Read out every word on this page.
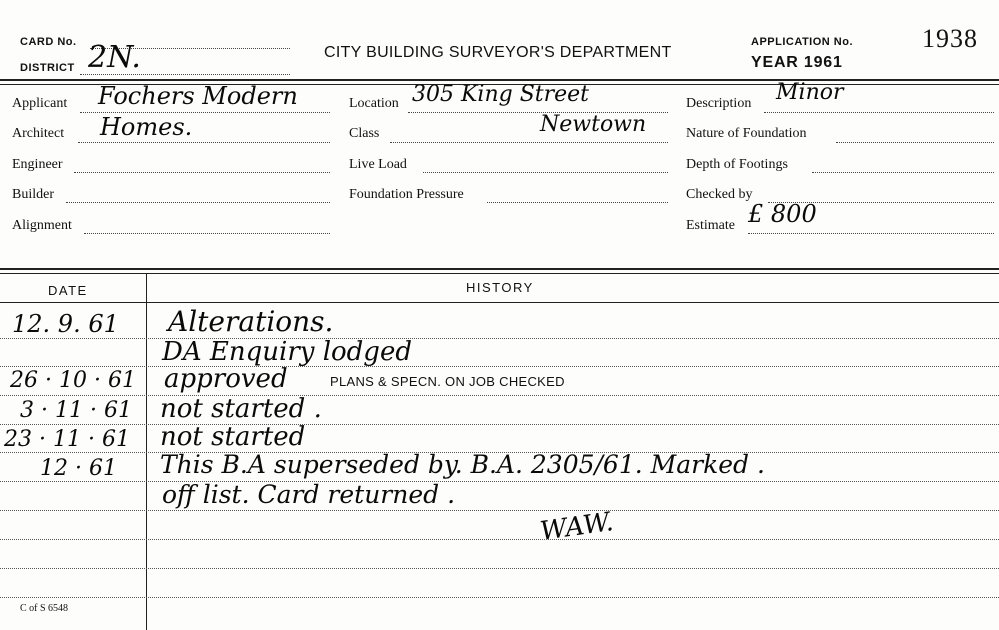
CARD No.
DISTRICT 2N.	CITY BUILDING SURVEYOR'S DEPARTMENT
APPLICATION No.	1938
YEAR 1961
Applicant Fochers Modern
Architect Homes.
Engineer
Builder
Alignment
Location 305 King Street
Class	Newtown
Live Load
Foundation Pressure
Description Minor
Nature of Foundation
Depth of Footings
Checked by
Estimate £ 800
DATE	HISTORY
12. 9. 61 Alterations.
DA Enquiry lodged
26 · 10 · 61 approved	PLANS & SPECN. ON JOB CHECKED
3 · 11 · 61 not started .
23 · 11 · 61 not started
12 · 61 This B.A superseded by. B.A. 2305/61. Marked .
off list. Card returned .
WAW.
C of S 6548
